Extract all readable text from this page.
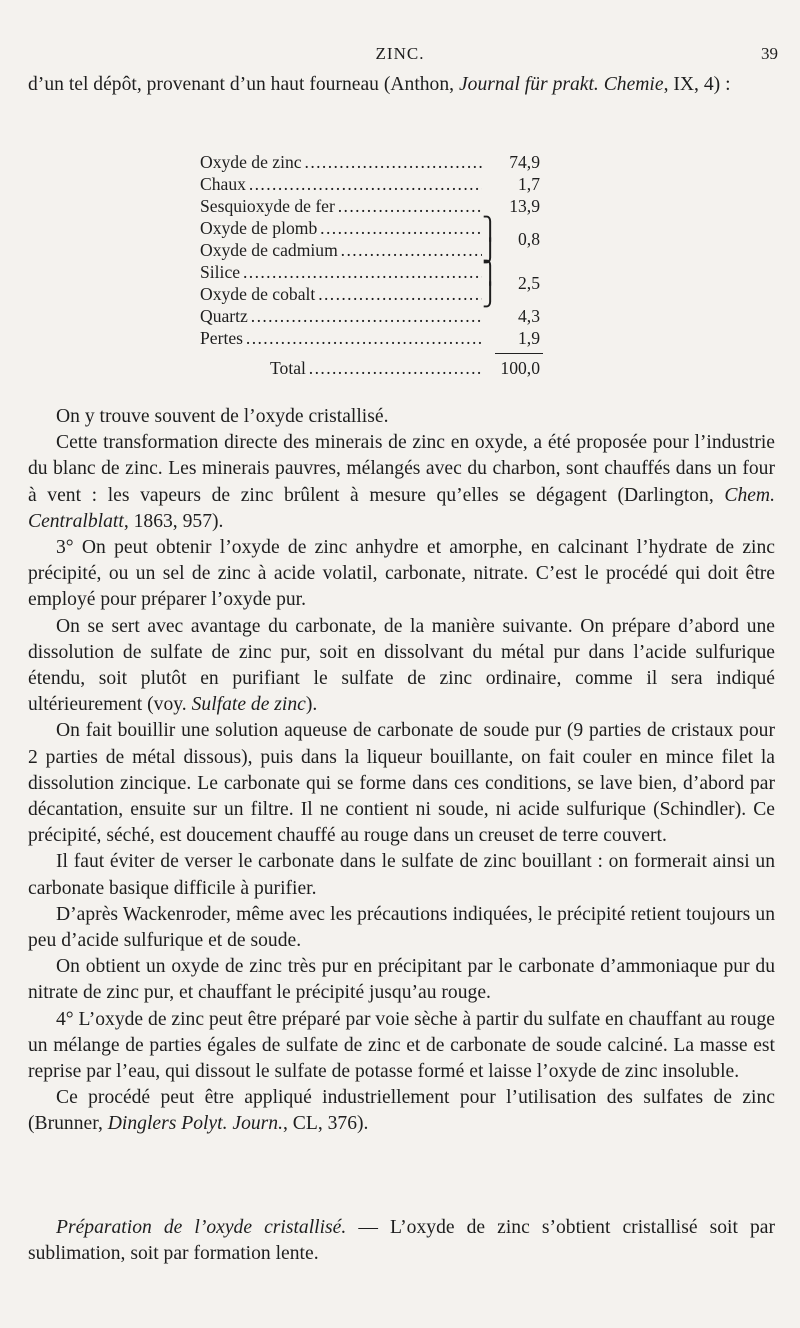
ZINC.	39

d’un tel dépôt, provenant d’un haut fourneau (Anthon, Journal für prakt. Chemie, IX, 4) :

Oxyde de zinc . . .	74,9
Chaux . . .	1,7
Sesquioxyde de fer . . .	13,9
Oxyde de plomb . . .
Oxyde de cadmium . . .
⎫
⎭	0,8
Silice . . .
Oxyde de cobalt . . .
⎫
⎭	2,5
Quartz . . .	4,3
Pertes . . .	1,9
Total . . .	100,0

On y trouve souvent de l’oxyde cristallisé.

Cette transformation directe des minerais de zinc en oxyde, a été proposée pour l’industrie du blanc de zinc. Les minerais pauvres, mélangés avec du charbon, sont chauffés dans un four à vent : les vapeurs de zinc brûlent à mesure qu’elles se dégagent (Darlington, Chem. Centralblatt, 1863, 957).

3° On peut obtenir l’oxyde de zinc anhydre et amorphe, en calcinant l’hydrate de zinc précipité, ou un sel de zinc à acide volatil, carbonate, nitrate. C’est le procédé qui doit être employé pour préparer l’oxyde pur.

On se sert avec avantage du carbonate, de la manière suivante. On prépare d’abord une dissolution de sulfate de zinc pur, soit en dissolvant du métal pur dans l’acide sulfurique étendu, soit plutôt en purifiant le sulfate de zinc ordinaire, comme il sera indiqué ultérieurement (voy. Sulfate de zinc).

On fait bouillir une solution aqueuse de carbonate de soude pur (9 parties de cristaux pour 2 parties de métal dissous), puis dans la liqueur bouillante, on fait couler en mince filet la dissolution zincique. Le carbonate qui se forme dans ces conditions, se lave bien, d’abord par décantation, ensuite sur un filtre. Il ne contient ni soude, ni acide sulfurique (Schindler). Ce précipité, séché, est doucement chauffé au rouge dans un creuset de terre couvert.

Il faut éviter de verser le carbonate dans le sulfate de zinc bouillant : on formerait ainsi un carbonate basique difficile à purifier.

D’après Wackenroder, même avec les précautions indiquées, le précipité retient toujours un peu d’acide sulfurique et de soude.

On obtient un oxyde de zinc très pur en précipitant par le carbonate d’ammoniaque pur du nitrate de zinc pur, et chauffant le précipité jusqu’au rouge.

4° L’oxyde de zinc peut être préparé par voie sèche à partir du sulfate en chauffant au rouge un mélange de parties égales de sulfate de zinc et de carbonate de soude calciné. La masse est reprise par l’eau, qui dissout le sulfate de potasse formé et laisse l’oxyde de zinc insoluble.

Ce procédé peut être appliqué industriellement pour l’utilisation des sulfates de zinc (Brunner, Dinglers Polyt. Journ., CL, 376).

Préparation de l’oxyde cristallisé. — L’oxyde de zinc s’obtient cristallisé soit par sublimation, soit par formation lente.
